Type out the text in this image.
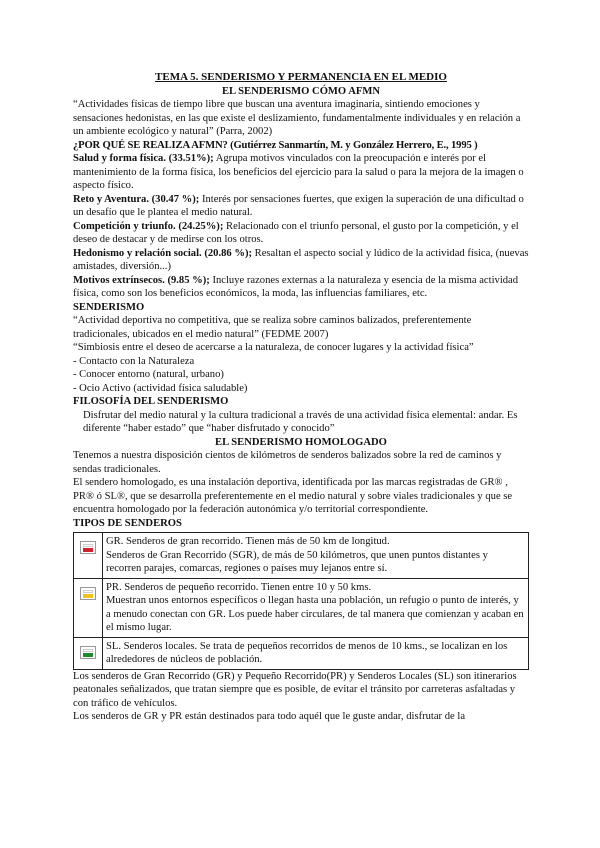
TEMA 5. SENDERISMO Y PERMANENCIA EN EL MEDIO

EL SENDERISMO CÓMO AFMN

“Actividades físicas de tiempo libre que buscan una aventura imaginaria, sintiendo emociones y sensaciones hedonistas, en las que existe el deslizamiento, fundamentalmente individuales y en relación a un ambiente ecológico y natural” (Parra, 2002)

¿POR QUÉ SE REALIZA AFMN? (Gutiérrez Sanmartín, M. y González Herrero, E., 1995 )

Salud y forma física. (33.51%); Agrupa motivos vinculados con la preocupación e interés por el mantenimiento de la forma física, los beneficios del ejercicio para la salud o para la mejora de la imagen o aspecto físico.

Reto y Aventura. (30.47 %); Interés por sensaciones fuertes, que exigen la superación de una dificultad o un desafío que le plantea el medio natural.

Competición y triunfo. (24.25%); Relacionado con el triunfo personal, el gusto por la competición, y el deseo de destacar y de medirse con los otros.

Hedonismo y relación social. (20.86 %); Resaltan el aspecto social y lúdico de la actividad física, (nuevas amistades, diversión...)

Motivos extrínsecos. (9.85 %); Incluye razones externas a la naturaleza y esencia de la misma actividad física, como son los beneficios económicos, la moda, las influencias familiares, etc.

SENDERISMO

“Actividad deportiva no competitiva, que se realiza sobre caminos balizados, preferentemente tradicionales, ubicados en el medio natural” (FEDME 2007)

“Simbiosis entre el deseo de acercarse a la naturaleza, de conocer lugares y la actividad física”

- Contacto con la Naturaleza

- Conocer entorno (natural, urbano)

- Ocio Activo (actividad física saludable)

FILOSOFÍA DEL SENDERISMO

Disfrutar del medio natural y la cultura tradicional a través de una actividad física elemental: andar. Es diferente “haber estado” que “haber disfrutado y conocido”

EL SENDERISMO HOMOLOGADO

Tenemos a nuestra disposición cientos de kilómetros de senderos balizados sobre la red de caminos y sendas tradicionales.

El sendero homologado, es una instalación deportiva, identificada por las marcas registradas de GR® , PR® ó SL®, que se desarrolla preferentemente en el medio natural y sobre viales tradicionales y que se encuentra homologado por la federación autonómica y/o territorial correspondiente.

TIPOS DE SENDEROS

	GR. Senderos de gran recorrido. Tienen más de 50 km de longitud.

Senderos de Gran Recorrido (SGR), de más de 50 kilómetros, que unen puntos distantes y recorren parajes, comarcas, regiones o países muy lejanos entre sí.

	PR. Senderos de pequeño recorrido. Tienen entre 10 y 50 kms.

Muestran unos entornos específicos o llegan hasta una población, un refugio o punto de interés, y a menudo conectan con GR. Los puede haber circulares, de tal manera que comienzan y acaban en el mismo lugar.

	SL. Senderos locales. Se trata de pequeños recorridos de menos de 10 kms., se localizan en los alrededores de núcleos de población.

Los senderos de Gran Recorrido (GR) y Pequeño Recorrido(PR) y Senderos Locales (SL) son itinerarios peatonales señalizados, que tratan siempre que es posible, de evitar el tránsito por carreteras asfaltadas y con tráfico de vehículos.

Los senderos de GR y PR están destinados para todo aquél que le guste andar, disfrutar de la
